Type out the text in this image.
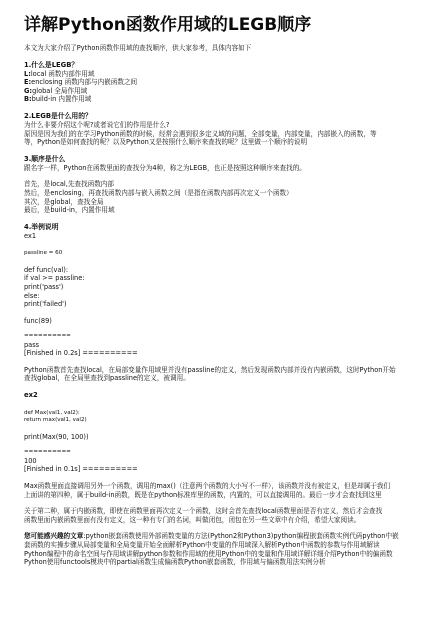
详解Python函数作用域的LEGB顺序
本文为大家介绍了Python函数作用域的查找顺序，供大家参考，具体内容如下
1.什么是LEGB？
L:local 函数内部作用域
E:enclosing 函数内部与内嵌函数之间
G:global 全局作用域
B:build-in 内置作用域
2.LEGB是什么用的？
为什么非要介绍这个呢?或者说它们的作用是什么?
原因是因为我们的在学习Python函数的时候，经常会遇到很多定义域的问题，全部变量，内部变量，内部嵌入的函数，等
等，Python是如何查找的呢？以及Python又是按照什么顺序来查找的呢？这里做一个顺序的说明
3.顺序是什么
跟名字一样，Python在函数里面的查找分为4种，称之为LEGB，也正是按照这种顺序来查找的。
首先，是local,先查找函数内部
然后，是enclosing，再查找函数内部与嵌入函数之间（是指在函数内部再次定义一个函数）
其次，是global，查找全局
最后，是build-in，内置作用域
4.举例说明
ex1
passline = 60
def func(val):
if val >= passline:
print('pass')
else:
print('failed')
func(89)
==========
pass
[Finished in 0.2s] ==========
Python函数首先查找local，在局部变量作用域里并没有passline的定义，然后发现函数内部并没有内嵌函数，这时Python开始
查找global，在全局里查找到passline的定义，被调用。
ex2
def Max(val1, val2):
return max(val1, val2)
print(Max(90, 100))
==========
100
[Finished in 0.1s] ==========
Max函数里面直接调用另外一个函数，调用的max()（注意两个函数的大小写不一样），该函数并没有被定义，但是却属于我们
上面讲的第四种，属于build-in函数，既是在python标准库里的函数，内置的，可以直接调用的。最后一步才会查找到这里
关于第二种，属于内嵌函数，即使在函数里面再次定义一个函数，这时会首先查找local函数里面是否有定义，然后才会查找
函数里面内嵌函数里面有没有定义，这一种有专门的名词，叫做闭包，闭包在另一些文章中有介绍，希望大家阅读。
您可能感兴趣的文章:python嵌套函数使用外部函数变量的方法(Python2和Python3)python编程嵌套函数实例代码python中嵌
套函数的实操步骤从局部变量和全局变量开始全面解析Python中变量的作用域深入解析Python中函数的参数与作用域解读
Python编程中的命名空间与作用域讲解python参数和作用域的使用Python中的变量和作用域详解详细介绍Python中的偏函数
Python使用functools模块中的partial函数生成偏函数Python嵌套函数，作用域与偏函数用法实例分析
